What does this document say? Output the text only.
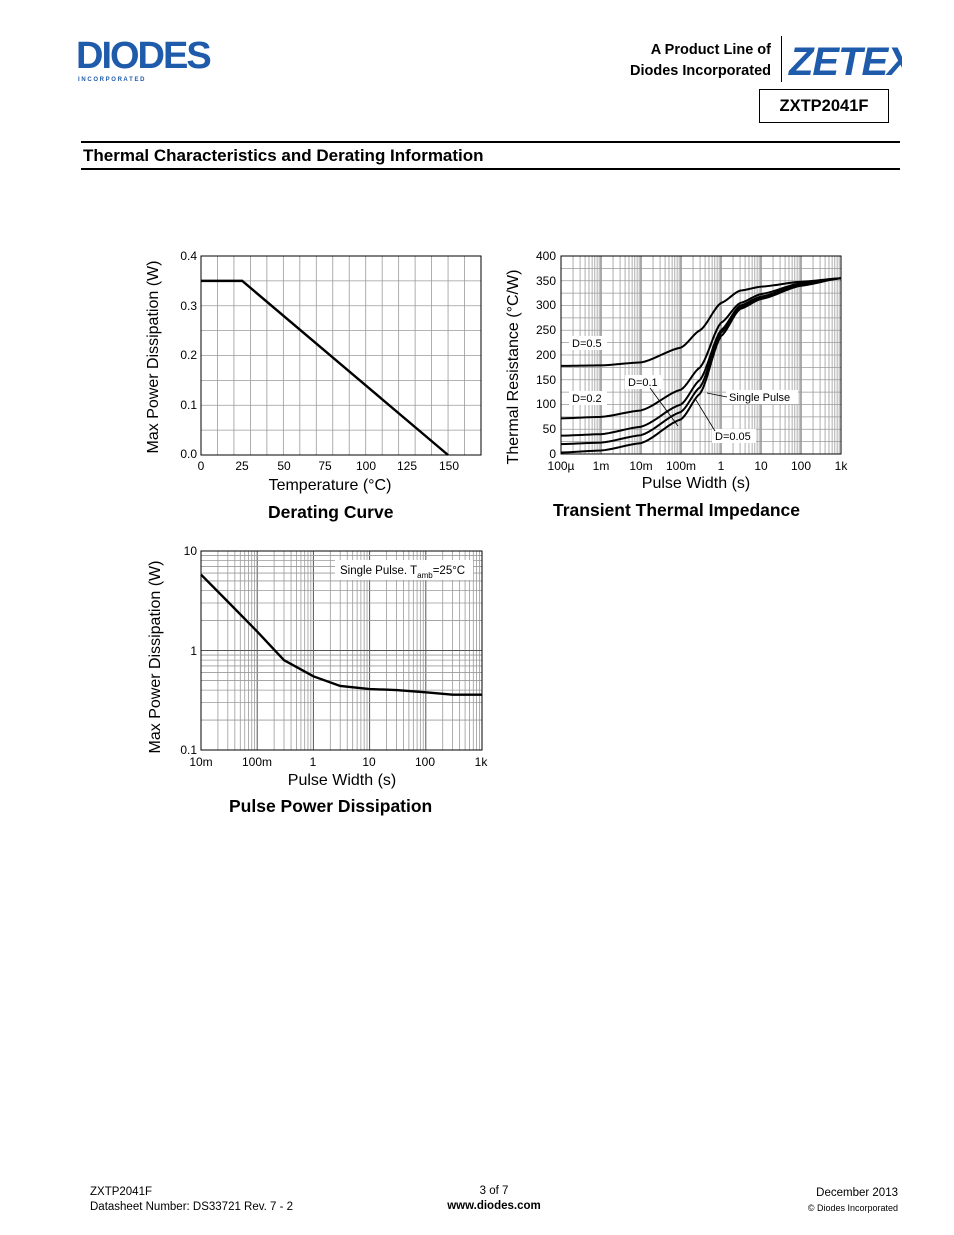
DIODES
I N C O R P O R A T E D
A Product Line of
Diodes Incorporated ZETEX
ZXTP2041F
Thermal Characteristics and Derating Information
0.4
0.3
0.2
0.1
0.0
0	25 50 75 100 125 150
Temperature (°C)
Max Power Dissipation (W)
Derating Curve
400
350
300
250
200
150
100
50
0
100µ 1m 10m 100m 1 10 100 1k
Pulse Width (s)
Thermal Resistance (°C/W)	D=0.5
D=0.2
D=0.1
Single Pulse
D=0.05
Transient Thermal Impedance
Single Pulse. $T_{amb}=25^\circ C$
10
1
0.1
10m 100m	1	10	100	1k
Pulse Width (s)
Max Power Dissipation (W)
Pulse Power Dissipation
ZXTP2041F
Datasheet Number: DS33721 Rev. 7 - 2
3 of 7
www.diodes.com
December 2013
© Diodes Incorporated
